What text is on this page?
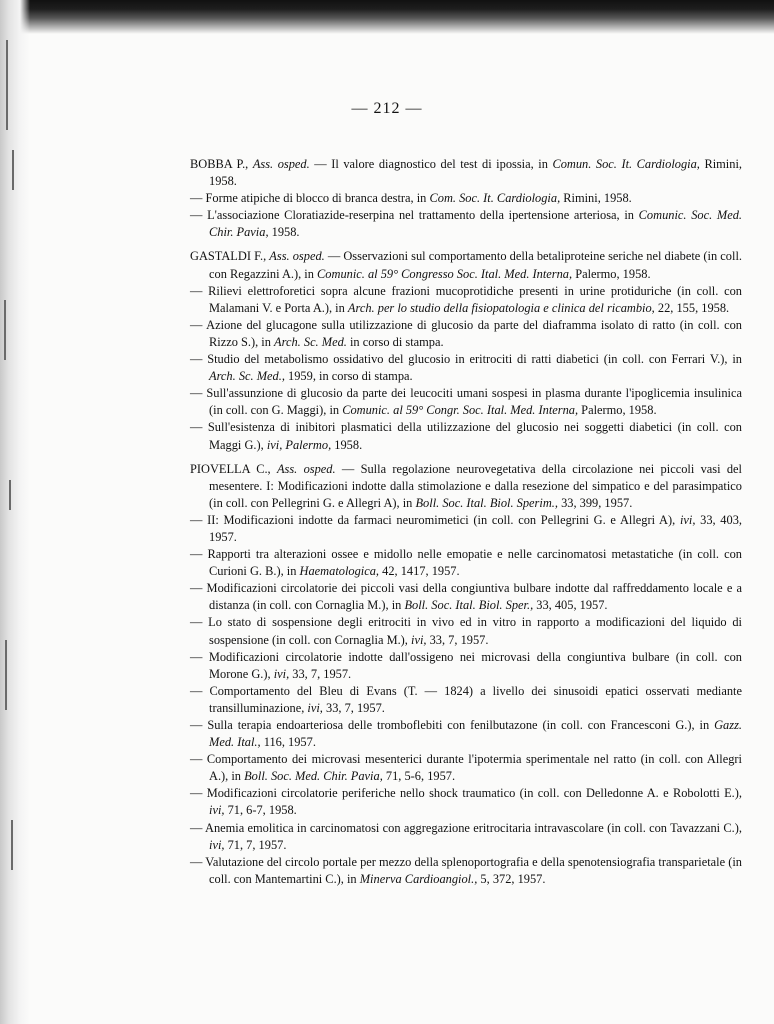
— 212 —
BOBBA P., Ass. osped. — Il valore diagnostico del test di ipossia, in Comun. Soc. It. Cardiologia, Rimini, 1958.
— Forme atipiche di blocco di branca destra, in Com. Soc. It. Cardiologia, Rimini, 1958.
— L'associazione Cloratiazide-reserpina nel trattamento della ipertensione arteriosa, in Comunic. Soc. Med. Chir. Pavia, 1958.
GASTALDI F., Ass. osped. — Osservazioni sul comportamento della betaliproteine seriche nel diabete (in coll. con Regazzini A.), in Comunic. al 59° Congresso Soc. Ital. Med. Interna, Palermo, 1958.
— Rilievi elettroforetici sopra alcune frazioni mucoprotidiche presenti in urine protiduriche (in coll. con Malamani V. e Porta A.), in Arch. per lo studio della fisiopatologia e clinica del ricambio, 22, 155, 1958.
— Azione del glucagone sulla utilizzazione di glucosio da parte del diaframma isolato di ratto (in coll. con Rizzo S.), in Arch. Sc. Med. in corso di stampa.
— Studio del metabolismo ossidativo del glucosio in eritrociti di ratti diabetici (in coll. con Ferrari V.), in Arch. Sc. Med., 1959, in corso di stampa.
— Sull'assunzione di glucosio da parte dei leucociti umani sospesi in plasma durante l'ipoglicemia insulinica (in coll. con G. Maggi), in Comunic. al 59° Congr. Soc. Ital. Med. Interna, Palermo, 1958.
— Sull'esistenza di inibitori plasmatici della utilizzazione del glucosio nei soggetti diabetici (in coll. con Maggi G.), ivi, Palermo, 1958.
PIOVELLA C., Ass. osped. — Sulla regolazione neurovegetativa della circolazione nei piccoli vasi del mesentere. I: Modificazioni indotte dalla stimolazione e dalla resezione del simpatico e del parasimpatico (in coll. con Pellegrini G. e Allegri A), in Boll. Soc. Ital. Biol. Sperim., 33, 399, 1957.
— II: Modificazioni indotte da farmaci neuromimetici (in coll. con Pellegrini G. e Allegri A), ivi, 33, 403, 1957.
— Rapporti tra alterazioni ossee e midollo nelle emopatie e nelle carcinomatosi metastatiche (in coll. con Curioni G. B.), in Haematologica, 42, 1417, 1957.
— Modificazioni circolatorie dei piccoli vasi della congiuntiva bulbare indotte dal raffreddamento locale e a distanza (in coll. con Cornaglia M.), in Boll. Soc. Ital. Biol. Sper., 33, 405, 1957.
— Lo stato di sospensione degli eritrociti in vivo ed in vitro in rapporto a modificazioni del liquido di sospensione (in coll. con Cornaglia M.), ivi, 33, 7, 1957.
— Modificazioni circolatorie indotte dall'ossigeno nei microvasi della congiuntiva bulbare (in coll. con Morone G.), ivi, 33, 7, 1957.
— Comportamento del Bleu di Evans (T. — 1824) a livello dei sinusoidi epatici osservati mediante transilluminazione, ivi, 33, 7, 1957.
— Sulla terapia endoarteriosa delle tromboflebiti con fenilbutazone (in coll. con Francesconi G.), in Gazz. Med. Ital., 116, 1957.
— Comportamento dei microvasi mesenterici durante l'ipotermia sperimentale nel ratto (in coll. con Allegri A.), in Boll. Soc. Med. Chir. Pavia, 71, 5-6, 1957.
— Modificazioni circolatorie periferiche nello shock traumatico (in coll. con Delledonne A. e Robolotti E.), ivi, 71, 6-7, 1958.
— Anemia emolitica in carcinomatosi con aggregazione eritrocitaria intravascolare (in coll. con Tavazzani C.), ivi, 71, 7, 1957.
— Valutazione del circolo portale per mezzo della splenoportografia e della spenotensiografia transparietale (in coll. con Mantemartini C.), in Minerva Cardioangiol., 5, 372, 1957.
